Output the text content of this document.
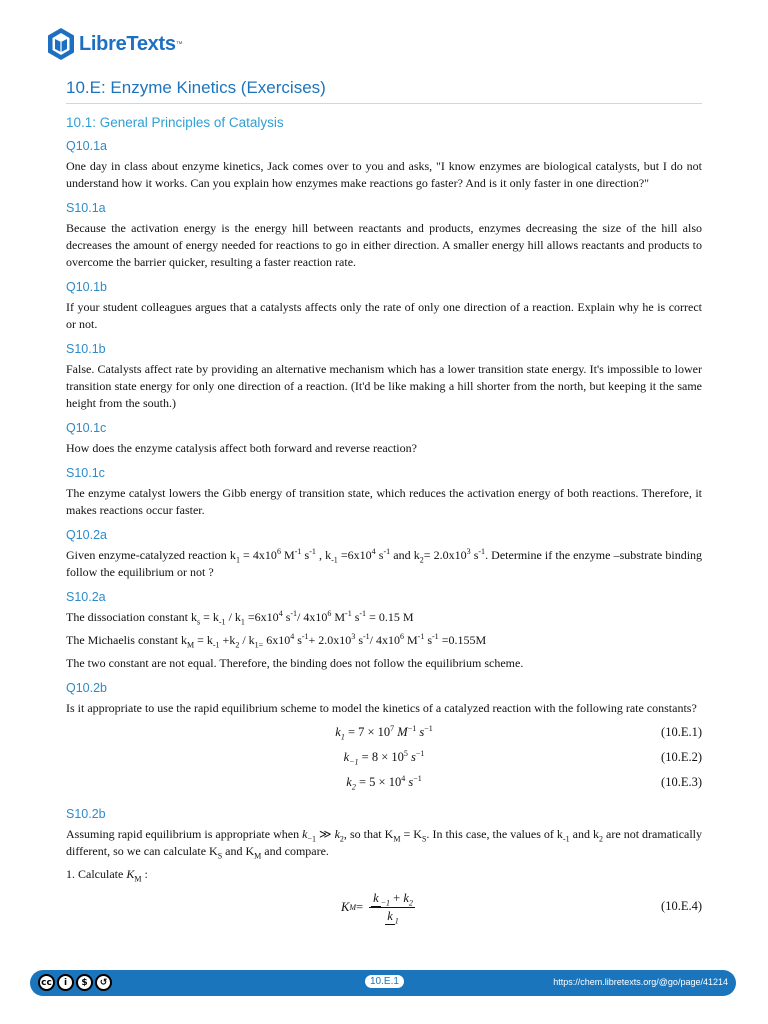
LibreTexts ™
10.E: Enzyme Kinetics (Exercises)
10.1: General Principles of Catalysis
Q10.1a

One day in class about enzyme kinetics, Jack comes over to you and asks, "I know enzymes are biological catalysts, but I do not understand how it works. Can you explain how enzymes make reactions go faster? And is it only faster in one direction?"

S10.1a

Because the activation energy is the energy hill between reactants and products, enzymes decreasing the size of the hill also decreases the amount of energy needed for reactions to go in either direction. A smaller energy hill allows reactants and products to overcome the barrier quicker, resulting a faster reaction rate.

Q10.1b

If your student colleagues argues that a catalysts affects only the rate of only one direction of a reaction. Explain why he is correct or not.

S10.1b

False. Catalysts affect rate by providing an alternative mechanism which has a lower transition state energy. It's impossible to lower transition state energy for only one direction of a reaction. (It'd be like making a hill shorter from the north, but keeping it the same height from the south.)

Q10.1c

How does the enzyme catalysis affect both forward and reverse reaction?

S10.1c

The enzyme catalyst lowers the Gibb energy of transition state, which reduces the activation energy of both reactions. Therefore, it makes reactions occur faster.

Q10.2a

Given enzyme-catalyzed reaction $k_1 = 4x10^6$ $M^{-1}$ $s^{-1}$ , $k_{-1} =6x10^4$ $s^{-1}$ and $k_2= 2.0x10^3$ $s^{-1}$. Determine if the enzyme –substrate binding follow the equilibrium or not ?

S10.2a

The dissociation constant $k_s = k_{-1} / k_1 =6x10^4$ $s^{-1}/$ $4x10^6$ $M^{-1}$ $s^{-1} = 0.15$ M

The Michaelis constant $k_M = k_{-1} +k_2 / k_{1=}$ $6x10^4$ $s^{-1}+ 2.0x10^3$ $s^{-1}/$ $4x10^6$ $M^{-1}$ $s^{-1} =0.155M$

The two constant are not equal. Therefore, the binding does not follow the equilibrium scheme.

Q10.2b

Is it appropriate to use the rapid equilibrium scheme to model the kinetics of a catalyzed reaction with the following rate constants?

$k_1 = 7 \times 10^7$ $M^{-1}$ $s^{-1}$	(10.E.1)
$k_{-1} = 8 \times 10^5$ $s^{-1}$	(10.E.2)
$k_2 = 5 \times 10^4$ $s^{-1}$	(10.E.3)
S10.2b

Assuming rapid equilibrium is appropriate when $k_{-1}$ ≫ $k_2$, so that $K_M = K_S$. In this case, the values of $k_{-1}$ and $k_2$ are not dramatically different, so we can calculate $K_S$ and $K_M$ and compare.

1. Calculate $K_M$ :

K $M = \frac{k _{-1} + k_2}{k _1}$	(10.E.4)
cc	i	$	↺	10.E.1	https://chem.libretexts.org/@go/page/41214
